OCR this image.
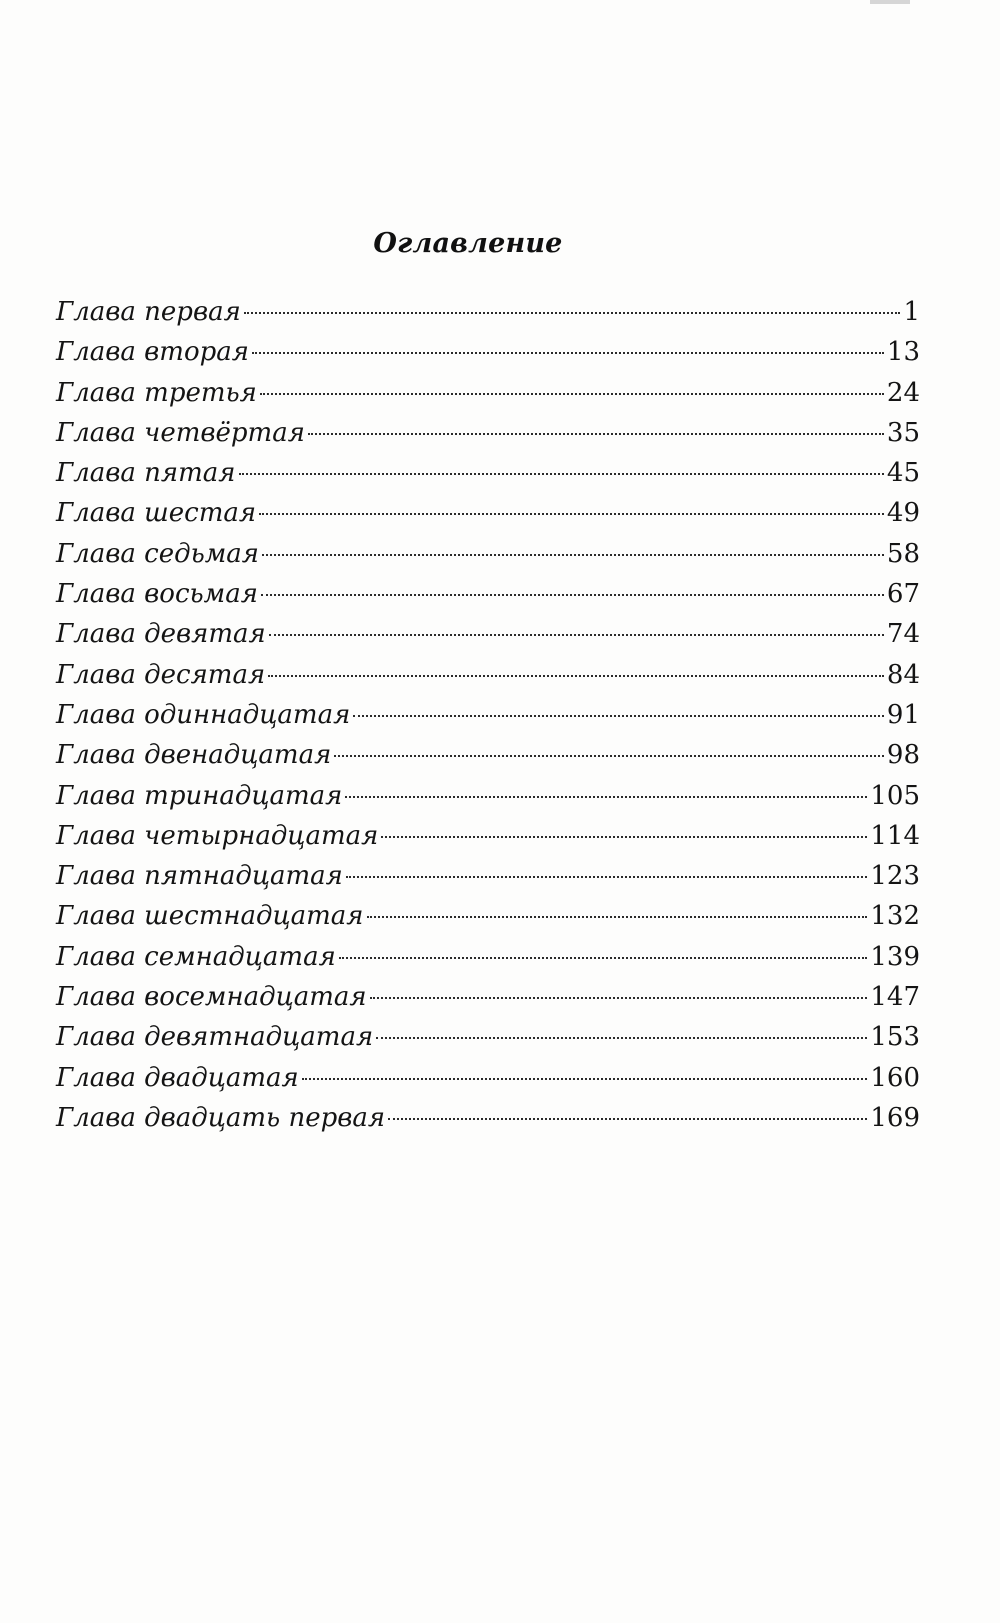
Оглавление
Глава первая	1
Глава вторая	13
Глава третья	24
Глава четвёртая	35
Глава пятая	45
Глава шестая	49
Глава седьмая	58
Глава восьмая	67
Глава девятая	74
Глава десятая	84
Глава одиннадцатая	91
Глава двенадцатая	98
Глава тринадцатая	105
Глава четырнадцатая	114
Глава пятнадцатая	123
Глава шестнадцатая	132
Глава семнадцатая	139
Глава восемнадцатая	147
Глава девятнадцатая	153
Глава двадцатая	160
Глава двадцать первая	169
